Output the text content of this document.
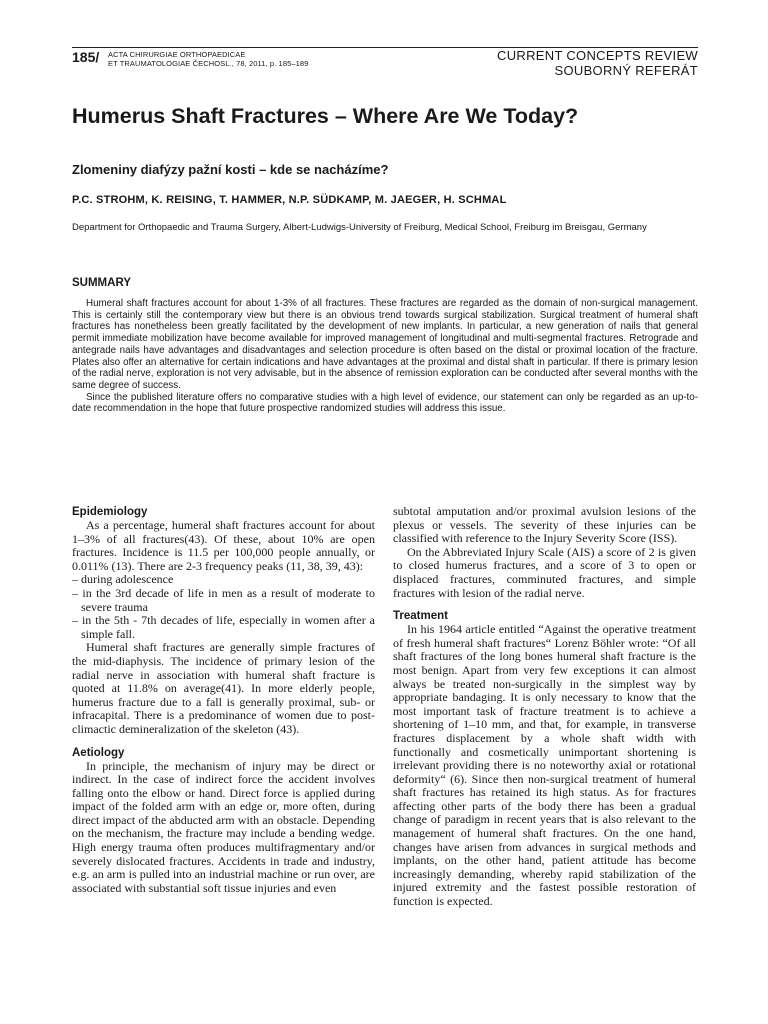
185/ ACTA CHIRURGIAE ORTHOPAEDICAE
ET TRAUMATOLOGIAE ČECHOSL., 78, 2011, p. 185–189
CURRENT CONCEPTS REVIEW
SOUBORNÝ REFERÁT
Humerus Shaft Fractures – Where Are We Today?
Zlomeniny diafýzy pažní kosti – kde se nacházíme?
P.C. STROHM, K. REISING, T. HAMMER, N.P. SÜDKAMP, M. JAEGER, H. SCHMAL
Department for Orthopaedic and Trauma Surgery, Albert-Ludwigs-University of Freiburg, Medical School, Freiburg im Breisgau, Germany
SUMMARY

Humeral shaft fractures account for about 1-3% of all fractures. These fractures are regarded as the domain of non-surgical management. This is certainly still the contemporary view but there is an obvious trend towards surgical stabilization. Surgical treatment of humeral shaft fractures has nonetheless been greatly facilitated by the development of new implants. In particular, a new generation of nails that general permit immediate mobilization have become available for improved management of longitudinal and multi-segmental fractures. Retrograde and antegrade nails have advantages and disadvantages and selection procedure is often based on the distal or proximal location of the fracture. Plates also offer an alternative for certain indications and have advantages at the proximal and distal shaft in particular. If there is primary lesion of the radial nerve, exploration is not very advisable, but in the absence of remission exploration can be conducted after several months with the same degree of success.

Since the published literature offers no comparative studies with a high level of evidence, our statement can only be regarded as an up-to-date recommendation in the hope that future prospective randomized studies will address this issue.

Epidemiology

As a percentage, humeral shaft fractures account for about 1–3% of all fractures(43). Of these, about 10% are open fractures. Incidence is 11.5 per 100,000 people annually, or 0.011% (13). There are 2-3 frequency peaks (11, 38, 39, 43):

– during adolescence
– in the 3rd decade of life in men as a result of moderate to severe trauma
– in the 5th - 7th decades of life, especially in women after a simple fall.

Humeral shaft fractures are generally simple fractures of the mid-diaphysis. The incidence of primary lesion of the radial nerve in association with humeral shaft fracture is quoted at 11.8% on average(41). In more elderly people, humerus fracture due to a fall is generally proximal, sub- or infracapital. There is a predominance of women due to post-climactic demineralization of the skeleton (43).

Aetiology

In principle, the mechanism of injury may be direct or indirect. In the case of indirect force the accident involves falling onto the elbow or hand. Direct force is applied during impact of the folded arm with an edge or, more often, during direct impact of the abducted arm with an obstacle. Depending on the mechanism, the fracture may include a bending wedge. High energy trauma often produces multifragmentary and/or severely dislocated fractures. Accidents in trade and industry, e.g. an arm is pulled into an industrial machine or run over, are associated with substantial soft tissue injuries and even

subtotal amputation and/or proximal avulsion lesions of the plexus or vessels. The severity of these injuries can be classified with reference to the Injury Severity Score (ISS).

On the Abbreviated Injury Scale (AIS) a score of 2 is given to closed humerus fractures, and a score of 3 to open or displaced fractures, comminuted fractures, and simple fractures with lesion of the radial nerve.

Treatment

In his 1964 article entitled “Against the operative treatment of fresh humeral shaft fractures“ Lorenz Böhler wrote: “Of all shaft fractures of the long bones humeral shaft fracture is the most benign. Apart from very few exceptions it can almost always be treated non-surgically in the simplest way by appropriate bandaging. It is only necessary to know that the most important task of fracture treatment is to achieve a shortening of 1–10 mm, and that, for example, in transverse fractures displacement by a whole shaft width with functionally and cosmetically unimportant shortening is irrelevant providing there is no noteworthy axial or rotational deformity“ (6). Since then non-surgical treatment of humeral shaft fractures has retained its high status. As for fractures affecting other parts of the body there has been a gradual change of paradigm in recent years that is also relevant to the management of humeral shaft fractures. On the one hand, changes have arisen from advances in surgical methods and implants, on the other hand, patient attitude has become increasingly demanding, whereby rapid stabilization of the injured extremity and the fastest possible restoration of function is expected.
